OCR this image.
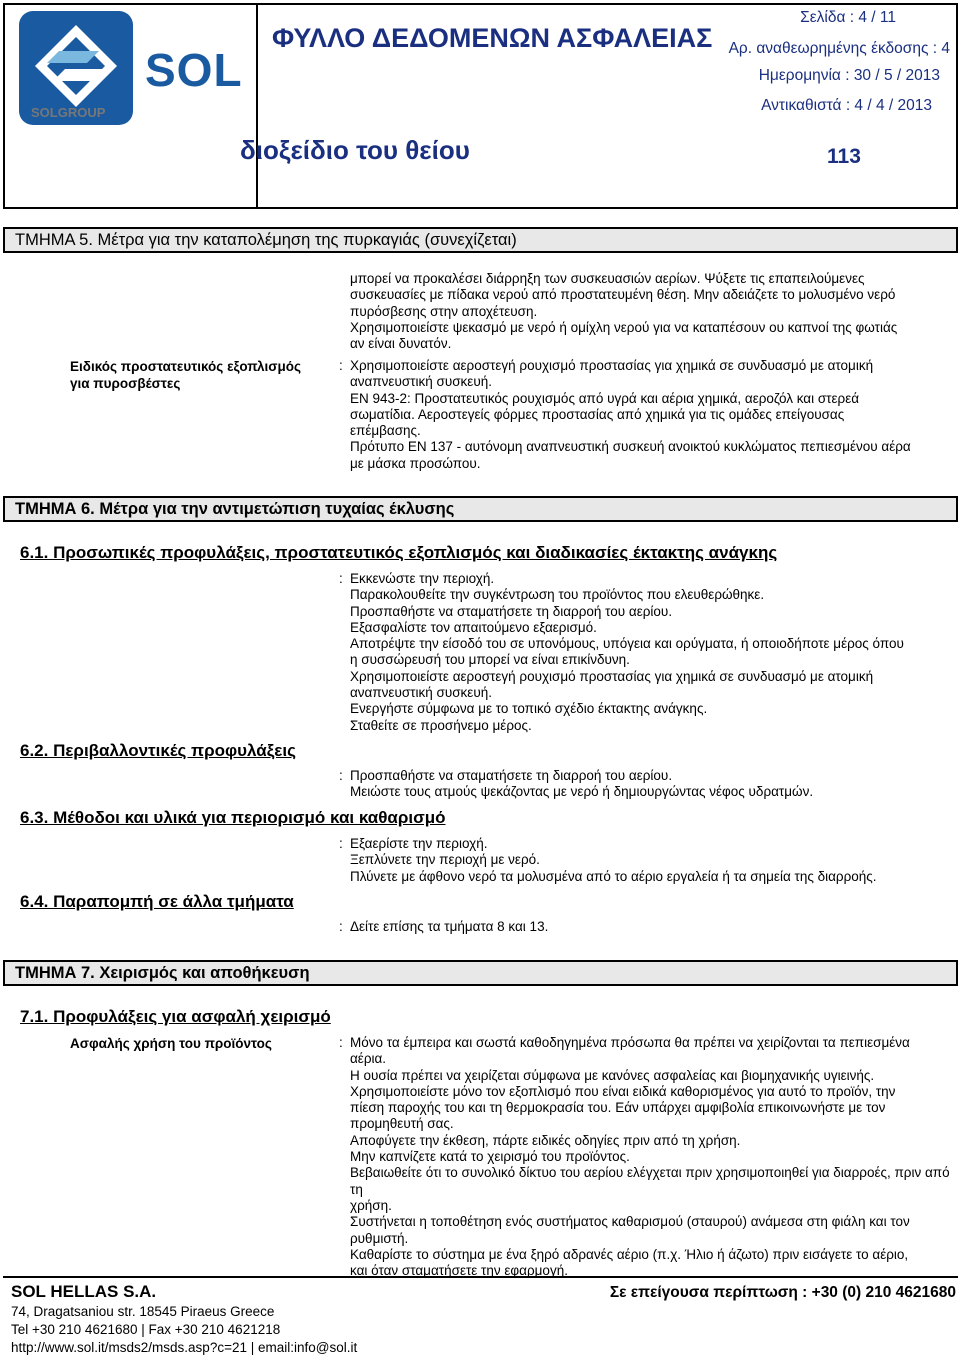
SOL
SOLGROUP
ΦΥΛΛΟ ΔΕΔΟΜΕΝΩΝ ΑΣΦΑΛΕΙΑΣ
διοξείδιο του θείου
Σελίδα : 4 / 11
Αρ. αναθεωρημένης έκδοσης : 4
Ημερομηνία : 30 / 5 / 2013
Αντικαθιστά : 4 / 4 / 2013
113
ΤΜΗΜΑ 5. Μέτρα για την καταπολέμηση της πυρκαγιάς (συνεχίζεται)
μπορεί να προκαλέσει διάρρηξη των συσκευασιών αερίων. Ψύξετε τις επαπειλούμενες
συσκευασίες με πίδακα νερού από προστατευμένη θέση. Μην αδειάζετε το μολυσμένο νερό
πυρόσβεσης στην αποχέτευση.
Χρησιμοποιείστε ψεκασμό με νερό ή ομίχλη νερού για να καταπέσουν ου καπνοί της φωτιάς
αν είναι δυνατόν.
Ειδικός προστατευτικός εξοπλισμός
για πυροσβέστες
: Χρησιμοποιείστε αεροστεγή ρουχισμό προστασίας για χημικά σε συνδυασμό με ατομική
αναπνευστική συσκευή.
EN 943-2: Προστατευτικός ρουχισμός από υγρά και αέρια χημικά, αεροζόλ και στερεά
σωματίδια. Αεροστεγείς φόρμες προστασίας από χημικά για τις ομάδες επείγουσας
επέμβασης.
Πρότυπο EN 137 - αυτόνομη αναπνευστική συσκευή ανοικτού κυκλώματος πεπιεσμένου αέρα
με μάσκα προσώπου.
ΤΜΗΜΑ 6. Μέτρα για την αντιμετώπιση τυχαίας έκλυσης
6.1. Προσωπικές προφυλάξεις, προστατευτικός εξοπλισμός και διαδικασίες έκτακτης ανάγκης
: Εκκενώστε την περιοχή.
Παρακολουθείτε την συγκέντρωση του προϊόντος που ελευθερώθηκε.
Προσπαθήστε να σταματήσετε τη διαρροή του αερίου.
Εξασφαλίστε τον απαιτούμενο εξαερισμό.
Αποτρέψτε την είσοδό του σε υπονόμους, υπόγεια και ορύγματα, ή οποιοδήποτε μέρος όπου
η συσσώρευσή του μπορεί να είναι επικίνδυνη.
Χρησιμοποιείστε αεροστεγή ρουχισμό προστασίας για χημικά σε συνδυασμό με ατομική
αναπνευστική συσκευή.
Ενεργήστε σύμφωνα με το τοπικό σχέδιο έκτακτης ανάγκης.
Σταθείτε σε προσήνεμο μέρος.
6.2. Περιβαλλοντικές προφυλάξεις
: Προσπαθήστε να σταματήσετε τη διαρροή του αερίου.
Μειώστε τους ατμούς ψεκάζοντας με νερό ή δημιουργώντας νέφος υδρατμών.
6.3. Μέθοδοι και υλικά για περιορισμό και καθαρισμό
: Εξαερίστε την περιοχή.
Ξεπλύνετε την περιοχή με νερό.
Πλύνετε με άφθονο νερό τα μολυσμένα από το αέριο εργαλεία ή τα σημεία της διαρροής.
6.4. Παραπομπή σε άλλα τμήματα
: Δείτε επίσης τα τμήματα 8 και 13.
ΤΜΗΜΑ 7. Χειρισμός και αποθήκευση
7.1. Προφυλάξεις για ασφαλή χειρισμό
Ασφαλής χρήση του προϊόντος	: Μόνο τα έμπειρα και σωστά καθοδηγημένα πρόσωπα θα πρέπει να χειρίζονται τα πεπιεσμένα
αέρια.
Η ουσία πρέπει να χειρίζεται σύμφωνα με κανόνες ασφαλείας και βιομηχανικής υγιεινής.
Χρησιμοποιείστε μόνο τον εξοπλισμό που είναι ειδικά καθορισμένος για αυτό το προϊόν, την
πίεση παροχής του και τη θερμοκρασία του. Εάν υπάρχει αμφιβολία επικοινωνήστε με τον
προμηθευτή σας.
Αποφύγετε την έκθεση, πάρτε ειδικές οδηγίες πριν από τη χρήση.
Μην καπνίζετε κατά το χειρισμό του προϊόντος.
Βεβαιωθείτε ότι το συνολικό δίκτυο του αερίου ελέγχεται πριν χρησιμοποιηθεί για διαρροές, πριν από τη
χρήση.
Συστήνεται η τοποθέτηση ενός συστήματος καθαρισμού (σταυρού) ανάμεσα στη φιάλη και τον
ρυθμιστή.
Καθαρίστε το σύστημα με ένα ξηρό αδρανές αέριο (π.χ. Ήλιο ή άζωτο) πριν εισάγετε το αέριο,
και όταν σταματήσετε την εφαρμογή.
SOL HELLAS S.A.
74, Dragatsaniou str. 18545 Piraeus Greece
Tel +30 210 4621680 | Fax +30 210 4621218
http://www.sol.it/msds2/msds.asp?c=21 | email:info@sol.it
Σε επείγουσα περίπτωση : +30 (0) 210 4621680
